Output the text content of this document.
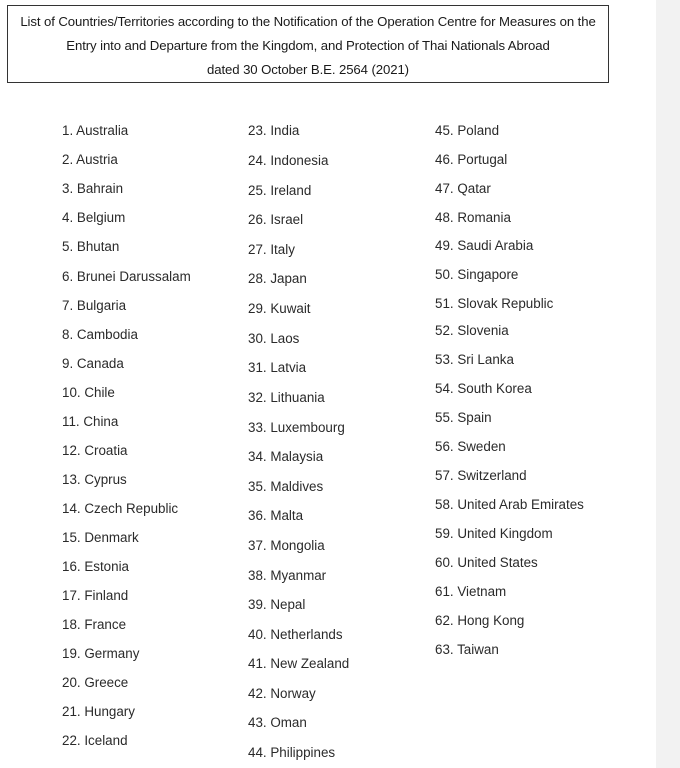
List of Countries/Territories according to the Notification of the Operation Centre for Measures on the
Entry into and Departure from the Kingdom, and Protection of Thai Nationals Abroad
dated 30 October B.E. 2564 (2021)
1. Australia
2. Austria
3. Bahrain
4. Belgium
5. Bhutan
6. Brunei Darussalam
7. Bulgaria
8. Cambodia
9. Canada
10. Chile
11. China
12. Croatia
13. Cyprus
14. Czech Republic
15. Denmark
16. Estonia
17. Finland
18. France
19. Germany
20. Greece
21. Hungary
22. Iceland
23. India
24. Indonesia
25. Ireland
26. Israel
27. Italy
28. Japan
29. Kuwait
30. Laos
31. Latvia
32. Lithuania
33. Luxembourg
34. Malaysia
35. Maldives
36. Malta
37. Mongolia
38. Myanmar
39. Nepal
40. Netherlands
41. New Zealand
42. Norway
43. Oman
44. Philippines
45. Poland
46. Portugal
47. Qatar
48. Romania
49. Saudi Arabia
50. Singapore
51. Slovak Republic
52. Slovenia
53. Sri Lanka
54. South Korea
55. Spain
56. Sweden
57. Switzerland
58. United Arab Emirates
59. United Kingdom
60. United States
61. Vietnam
62. Hong Kong
63. Taiwan
